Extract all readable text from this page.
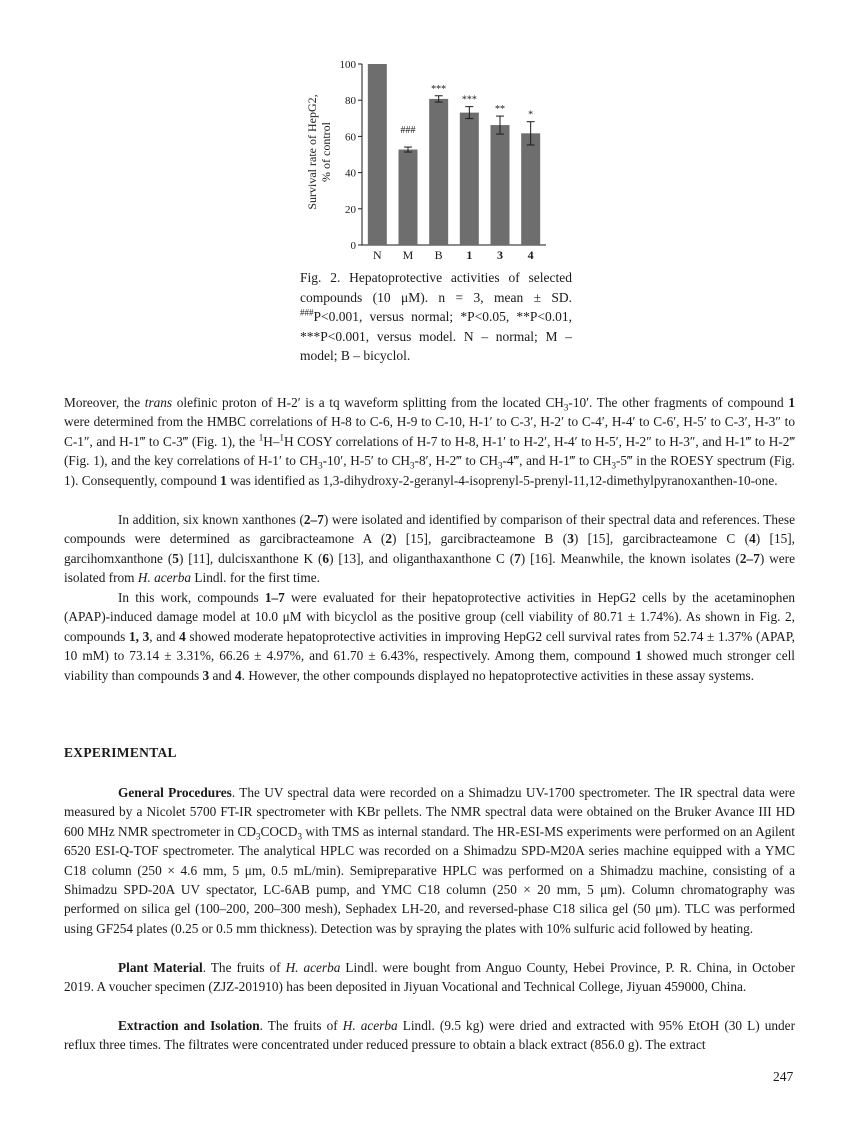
Survival rate of HepG2, % of control
0
20
40
60
80
100
###
***
***
**
*
N M B 1 3 4

Fig. 2. Hepatoprotective activities of selected compounds (10 μM). n = 3, mean ± SD. ###P<0.001, versus normal; *P<0.05, **P<0.01, ***P<0.001, versus model. N – normal; M – model; B – bicyclol.

Moreover, the trans olefinic proton of H-2′ is a tq waveform splitting from the located $CH_3-10'$. The other fragments of compound 1 were determined from the HMBC correlations of H-8 to C-6, H-9 to C-10, H-1′ to C-3′, H-2′ to C-4′, H-4′ to C-6′, H-5′ to C-3′, H-3″ to C-1″, and H-1‴ to C-3‴ (Fig. 1), the $^1$H–$^1$H COSY correlations of H-7 to H-8, H-1′ to H-2′, H-4′ to H-5′, H-2″ to H-3″, and H-1‴ to H-2‴ (Fig. 1), and the key correlations of H-1′ to $CH_3-10'$, H-5′ to $CH_3-8'$, H-2‴ to $CH_3-4‴$, and H-1‴ to $CH_3-5‴$ in the ROESY spectrum (Fig. 1). Consequently, compound 1 was identified as 1,3-dihydroxy-2-geranyl-4-isoprenyl-5-prenyl-11,12-dimethylpyranoxanthen-10-one.

In addition, six known xanthones (2–7) were isolated and identified by comparison of their spectral data and references. These compounds were determined as garcibracteamone A (2) [15], garcibracteamone B (3) [15], garcibracteamone C (4) [15], garcihomxanthone (5) [11], dulcisxanthone K (6) [13], and oliganthaxanthone C (7) [16]. Meanwhile, the known isolates (2–7) were isolated from H. acerba Lindl. for the first time.

In this work, compounds 1–7 were evaluated for their hepatoprotective activities in HepG2 cells by the acetaminophen (APAP)-induced damage model at 10.0 μM with bicyclol as the positive group (cell viability of 80.71 ± 1.74%). As shown in Fig. 2, compounds 1, 3, and 4 showed moderate hepatoprotective activities in improving HepG2 cell survival rates from 52.74 ± 1.37% (APAP, 10 mM) to 73.14 ± 3.31%, 66.26 ± 4.97%, and 61.70 ± 6.43%, respectively. Among them, compound 1 showed much stronger cell viability than compounds 3 and 4. However, the other compounds displayed no hepatoprotective activities in these assay systems.

EXPERIMENTAL

General Procedures. The UV spectral data were recorded on a Shimadzu UV-1700 spectrometer. The IR spectral data were measured by a Nicolet 5700 FT-IR spectrometer with KBr pellets. The NMR spectral data were obtained on the Bruker Avance III HD 600 MHz NMR spectrometer in $CD_3COCD_3$ with TMS as internal standard. The HR-ESI-MS experiments were performed on an Agilent 6520 ESI-Q-TOF spectrometer. The analytical HPLC was recorded on a Shimadzu SPD-M20A series machine equipped with a YMC C18 column (250 × 4.6 mm, 5 μm, 0.5 mL/min). Semipreparative HPLC was performed on a Shimadzu machine, consisting of a Shimadzu SPD-20A UV spectator, LC-6AB pump, and YMC C18 column (250 × 20 mm, 5 μm). Column chromatography was performed on silica gel (100–200, 200–300 mesh), Sephadex LH-20, and reversed-phase C18 silica gel (50 μm). TLC was performed using GF254 plates (0.25 or 0.5 mm thickness). Detection was by spraying the plates with 10% sulfuric acid followed by heating.

Plant Material. The fruits of H. acerba Lindl. were bought from Anguo County, Hebei Province, P. R. China, in October 2019. A voucher specimen (ZJZ-201910) has been deposited in Jiyuan Vocational and Technical College, Jiyuan 459000, China.

Extraction and Isolation. The fruits of H. acerba Lindl. (9.5 kg) were dried and extracted with 95% EtOH (30 L) under reflux three times. The filtrates were concentrated under reduced pressure to obtain a black extract (856.0 g). The extract

247
